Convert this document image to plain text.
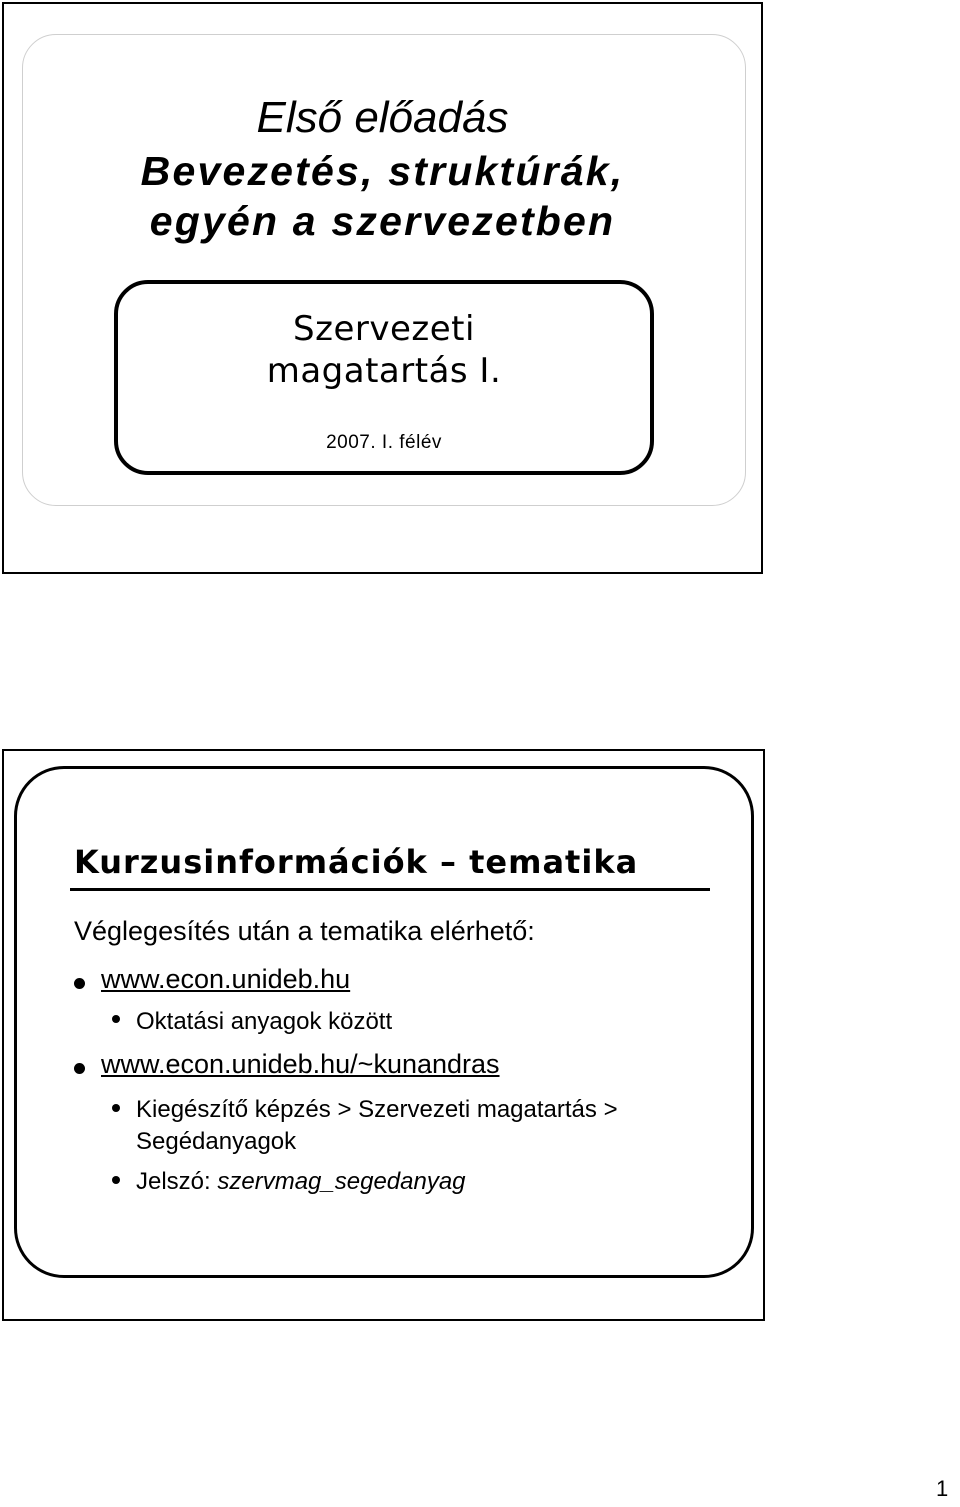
Első előadás
Bevezetés, struktúrák,
egyén a szervezetben
Szervezeti
magatartás I.
2007. I. félév
Kurzusinformációk – tematika
Véglegesítés után a tematika elérhető:
www.econ.unideb.hu
Oktatási anyagok között
www.econ.unideb.hu/~kunandras
Kiegészítő képzés > Szervezeti magatartás >
Segédanyagok
Jelszó: szervmag_segedanyag
1
